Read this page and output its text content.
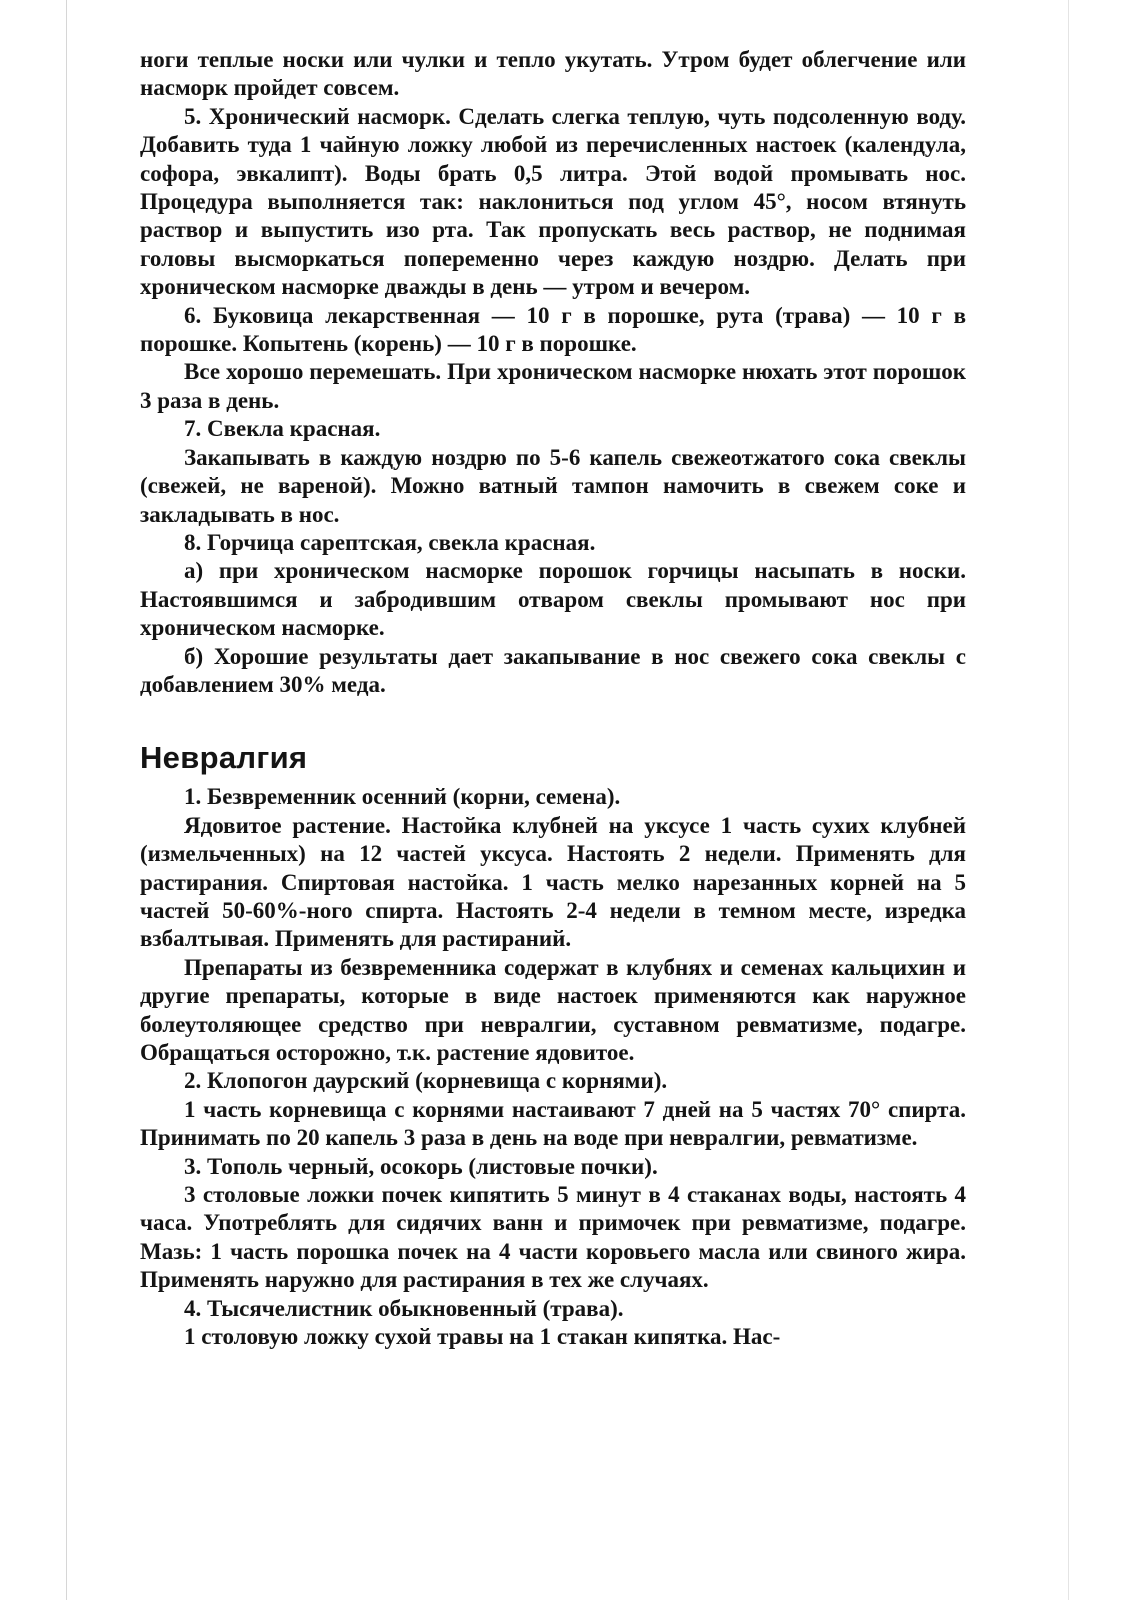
ноги теплые носки или чулки и тепло укутать. Утром будет облегчение или насморк пройдет совсем.

5. Хронический насморк. Сделать слегка теплую, чуть подсоленную воду. Добавить туда 1 чайную ложку любой из перечисленных настоек (календула, софора, эвкалипт). Воды брать 0,5 литра. Этой водой промывать нос. Процедура выполняется так: наклониться под углом 45°, носом втянуть раствор и выпустить изо рта. Так пропускать весь раствор, не поднимая головы высморкаться попеременно через каждую ноздрю. Делать при хроническом насморке дважды в день — утром и вечером.

6. Буковица лекарственная — 10 г в порошке, рута (трава) — 10 г в порошке. Копытень (корень) — 10 г в порошке.

Все хорошо перемешать. При хроническом насморке нюхать этот порошок 3 раза в день.

7. Свекла красная.

Закапывать в каждую ноздрю по 5-6 капель свежеотжатого сока свеклы (свежей, не вареной). Можно ватный тампон намочить в свежем соке и закладывать в нос.

8. Горчица сарептская, свекла красная.

а) при хроническом насморке порошок горчицы насыпать в носки. Настоявшимся и забродившим отваром свеклы промывают нос при хроническом насморке.

б) Хорошие результаты дает закапывание в нос свежего сока свеклы с добавлением 30% меда.

Невралгия

1. Безвременник осенний (корни, семена).

Ядовитое растение. Настойка клубней на уксусе 1 часть сухих клубней (измельченных) на 12 частей уксуса. Настоять 2 недели. Применять для растирания. Спиртовая настойка. 1 часть мелко нарезанных корней на 5 частей 50-60%-ного спирта. Настоять 2-4 недели в темном месте, изредка взбалтывая. Применять для растираний.

Препараты из безвременника содержат в клубнях и семенах кальцихин и другие препараты, которые в виде настоек применяются как наружное болеутоляющее средство при невралгии, суставном ревматизме, подагре. Обращаться осторожно, т.к. растение ядовитое.

2. Клопогон даурский (корневища с корнями).

1 часть корневища с корнями настаивают 7 дней на 5 частях 70° спирта. Принимать по 20 капель 3 раза в день на воде при невралгии, ревматизме.

3. Тополь черный, осокорь (листовые почки).

3 столовые ложки почек кипятить 5 минут в 4 стаканах воды, настоять 4 часа. Употреблять для сидячих ванн и примочек при ревматизме, подагре. Мазь: 1 часть порошка почек на 4 части коровьего масла или свиного жира. Применять наружно для растирания в тех же случаях.

4. Тысячелистник обыкновенный (трава).

1 столовую ложку сухой травы на 1 стакан кипятка. Нас-
